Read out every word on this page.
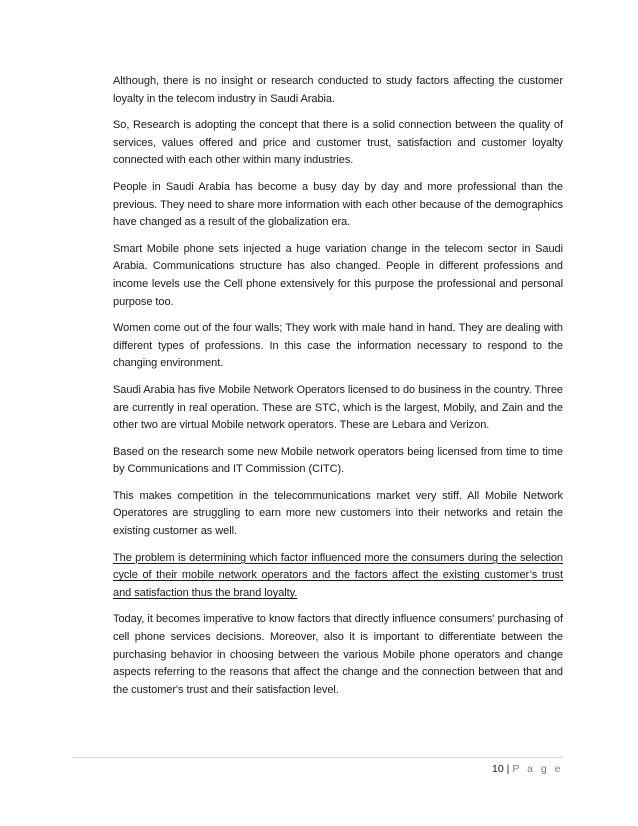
Although, there is no insight or research conducted to study factors affecting the customer loyalty in the telecom industry in Saudi Arabia.

So, Research is adopting the concept that there is a solid connection between the quality of services, values offered and price and customer trust, satisfaction and customer loyalty connected with each other within many industries.

People in Saudi Arabia has become a busy day by day and more professional than the previous. They need to share more information with each other because of the demographics have changed as a result of the globalization era.

Smart Mobile phone sets injected a huge variation change in the telecom sector in Saudi Arabia. Communications structure has also changed. People in different professions and income levels use the Cell phone extensively for this purpose the professional and personal purpose too.

Women come out of the four walls; They work with male hand in hand. They are dealing with different types of professions. In this case the information necessary to respond to the changing environment.

Saudi Arabia has five Mobile Network Operators licensed to do business in the country. Three are currently in real operation. These are STC, which is the largest, Mobily, and Zain and the other two are virtual Mobile network operators. These are Lebara and Verizon.

Based on the research some new Mobile network operators being licensed from time to time by Communications and IT Commission (CITC).

This makes competition in the telecommunications market very stiff. All Mobile Network Operatores are struggling to earn more new customers into their networks and retain the existing customer as well.

The problem is determining which factor influenced more the consumers during the selection cycle of their mobile network operators and the factors affect the existing customer’s trust and satisfaction thus the brand loyalty.

Today, it becomes imperative to know factors that directly influence consumers' purchasing of cell phone services decisions. Moreover, also it is important to differentiate between the purchasing behavior in choosing between the various Mobile phone operators and change aspects referring to the reasons that affect the change and the connection between that and the customer's trust and their satisfaction level.

10 | P a g e
